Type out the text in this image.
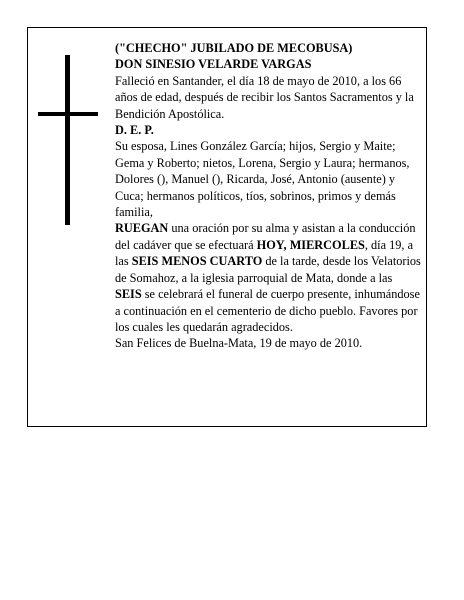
("CHECHO" JUBILADO DE MECOBUSA)

DON SINESIO VELARDE VARGAS

Falleció en Santander, el día 18 de mayo de 2010, a los 66 años de edad, después de recibir los Santos Sacramentos y la Bendición Apostólica.

D. E. P.

Su esposa, Lines González García; hijos, Sergio y Maite; Gema y Roberto; nietos, Lorena, Sergio y Laura; hermanos, Dolores (), Manuel (), Ricarda, José, Antonio (ausente) y Cuca; hermanos políticos, tíos, sobrinos, primos y demás familia,

RUEGAN una oración por su alma y asistan a la conducción del cadáver que se efectuará HOY, MIERCOLES, día 19, a las SEIS MENOS CUARTO de la tarde, desde los Velatorios de Somahoz, a la iglesia parroquial de Mata, donde a las SEIS se celebrará el funeral de cuerpo presente, inhumándose a continuación en el cementerio de dicho pueblo. Favores por los cuales les quedarán agradecidos.

San Felices de Buelna-Mata, 19 de mayo de 2010.
